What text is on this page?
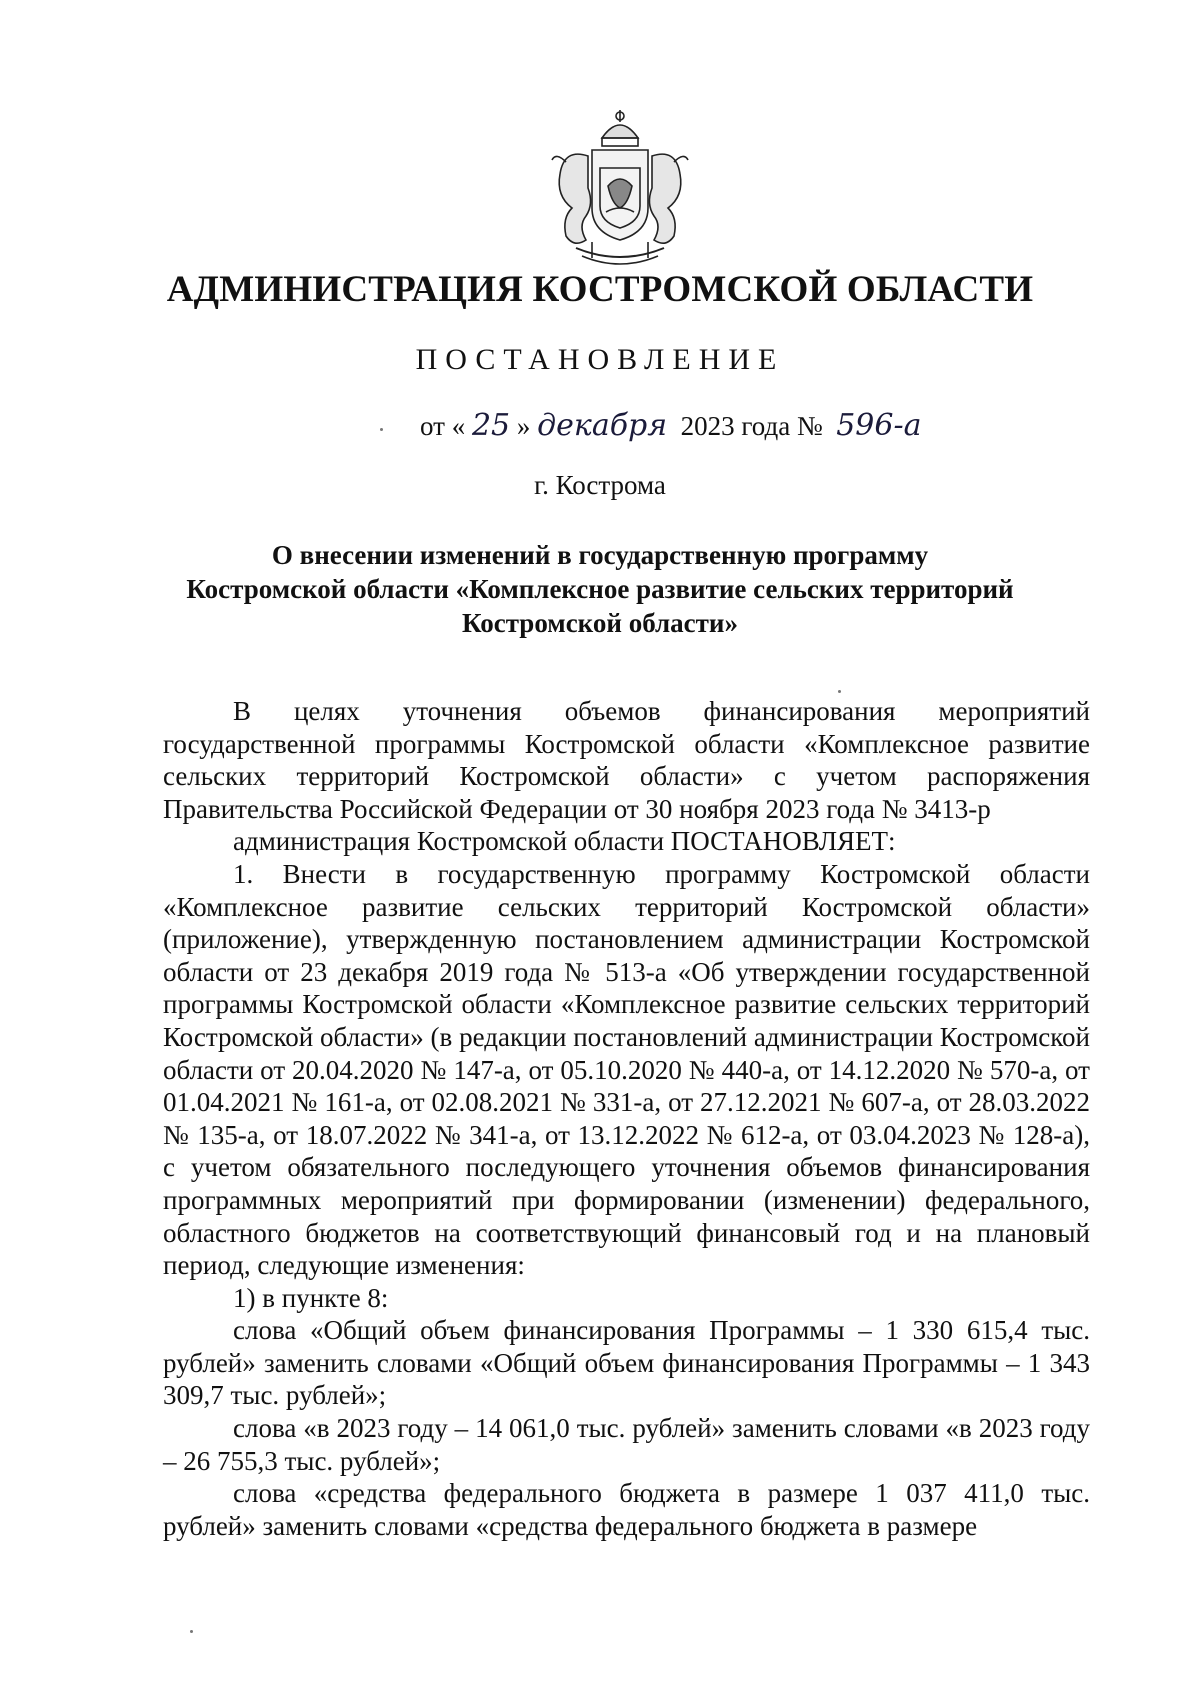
АДМИНИСТРАЦИЯ КОСТРОМСКОЙ ОБЛАСТИ
ПОСТАНОВЛЕНИЕ
от « 25 » декабря 2023 года № 596-а
г. Кострома
О внесении изменений в государственную программу
Костромской области «Комплексное развитие сельских территорий
Костромской области»

В целях уточнения объемов финансирования мероприятий государственной программы Костромской области «Комплексное развитие сельских территорий Костромской области» с учетом распоряжения Правительства Российской Федерации от 30 ноября 2023 года № 3413-р

администрация Костромской области ПОСТАНОВЛЯЕТ:

1. Внести в государственную программу Костромской области «Комплексное развитие сельских территорий Костромской области» (приложение), утвержденную постановлением администрации Костромской области от 23 декабря 2019 года № 513-а «Об утверждении государственной программы Костромской области «Комплексное развитие сельских территорий Костромской области» (в редакции постановлений администрации Костромской области от 20.04.2020 № 147-а, от 05.10.2020 № 440-а, от 14.12.2020 № 570-а, от 01.04.2021 № 161-а, от 02.08.2021 № 331-а, от 27.12.2021 № 607-а, от 28.03.2022 № 135-а, от 18.07.2022 № 341-а, от 13.12.2022 № 612-а, от 03.04.2023 № 128-а), с учетом обязательного последующего уточнения объемов финансирования программных мероприятий при формировании (изменении) федерального, областного бюджетов на соответствующий финансовый год и на плановый период, следующие изменения:

1) в пункте 8:

слова «Общий объем финансирования Программы – 1 330 615,4 тыс. рублей» заменить словами «Общий объем финансирования Программы – 1 343 309,7 тыс. рублей»;

слова «в 2023 году – 14 061,0 тыс. рублей» заменить словами «в 2023 году – 26 755,3 тыс. рублей»;

слова «средства федерального бюджета в размере 1 037 411,0 тыс. рублей» заменить словами «средства федерального бюджета в размере
